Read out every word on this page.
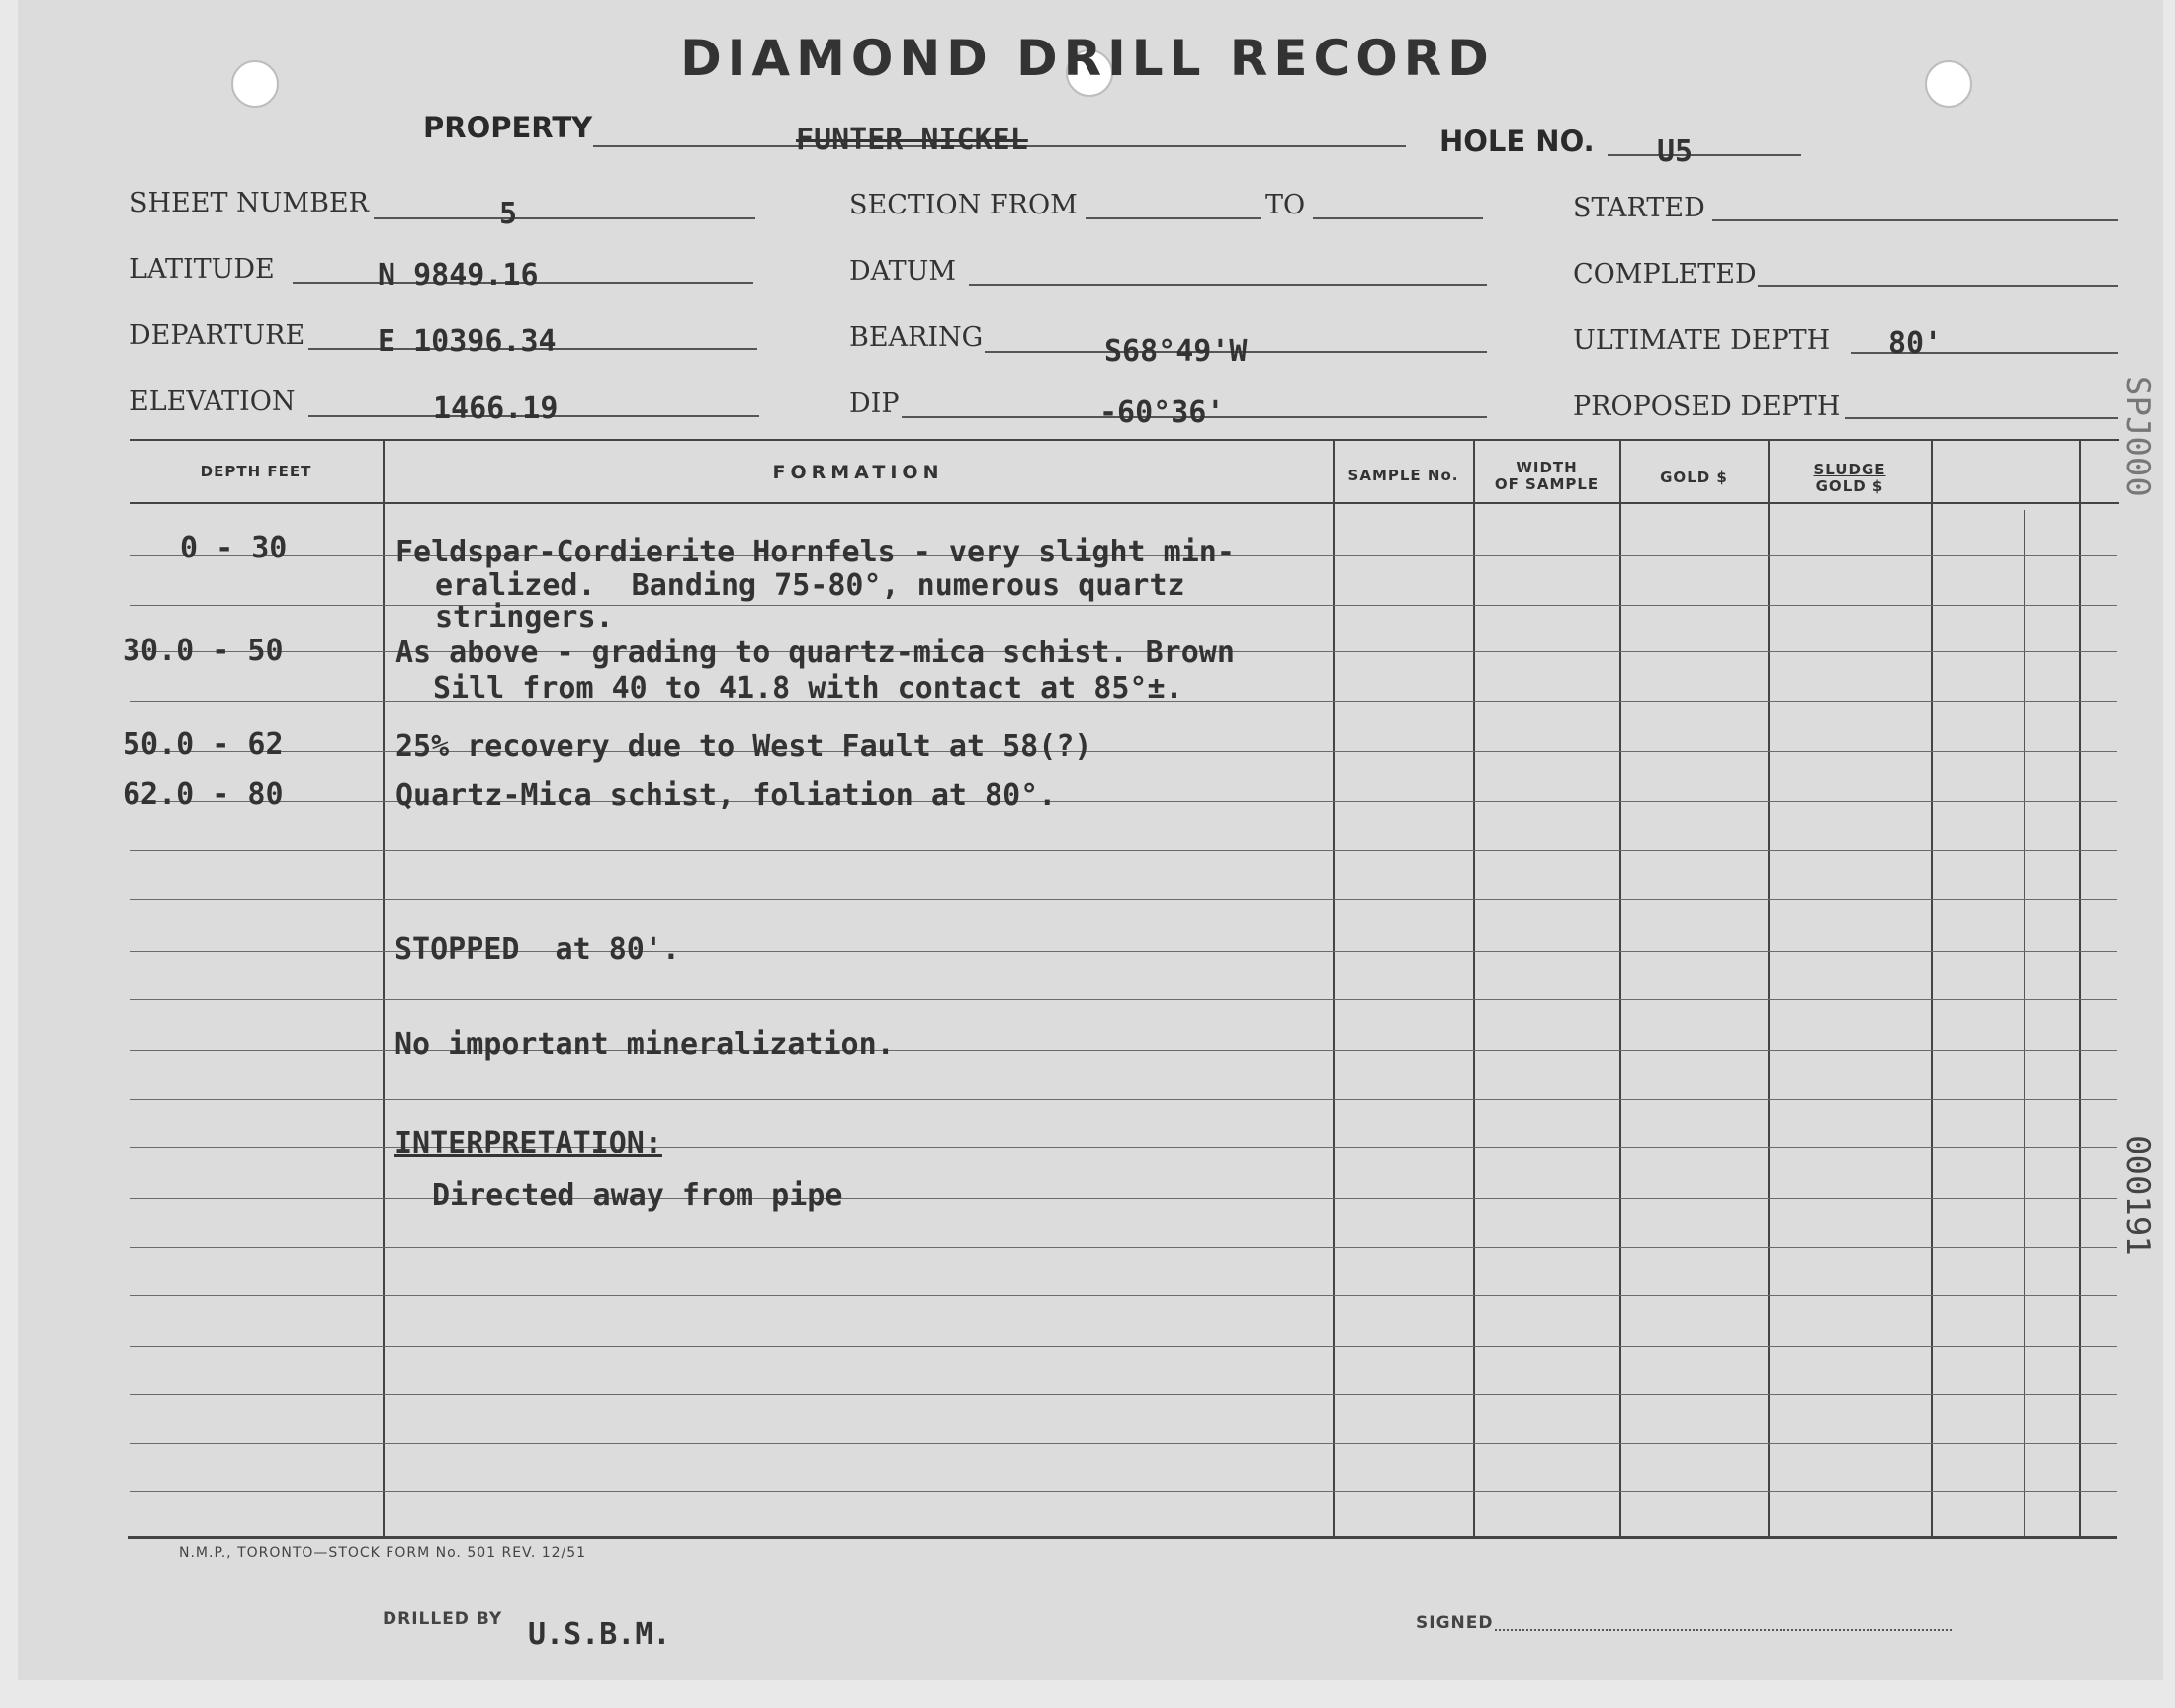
DIAMOND DRILL RECORD
PROPERTY	FUNTER NICKEL	HOLE NO. U5
SHEET NUMBER	5
LATITUDE	N 9849.16
DEPARTURE E 10396.34
ELEVATION	1466.19
SECTION FROM	TO
DATUM
BEARING	S68°49'W
DIP	-60°36'
STARTED
COMPLETED
ULTIMATE DEPTH 80'
PROPOSED DEPTH
DEPTH FEET	FORMATION	SAMPLE No.	WIDTH
OF SAMPLE	GOLD $	SLUDGE
GOLD $
0 - 30	Feldspar-Cordierite Hornfels - very slight min-
eralized.  Banding 75-80°, numerous quartz
stringers.
30.0 - 50	As above - grading to quartz-mica schist. Brown
Sill from 40 to 41.8 with contact at 85°±.
50.0 - 62	25% recovery due to West Fault at 58(?)
62.0 - 80	Quartz-Mica schist, foliation at 80°.
STOPPED  at 80'.
No important mineralization.
INTERPRETATION:
Directed away from pipe
N.M.P., TORONTO—STOCK FORM No. 501 REV. 12/51
DRILLED BY U.S.B.M.	SIGNED
SPJ000
000191
